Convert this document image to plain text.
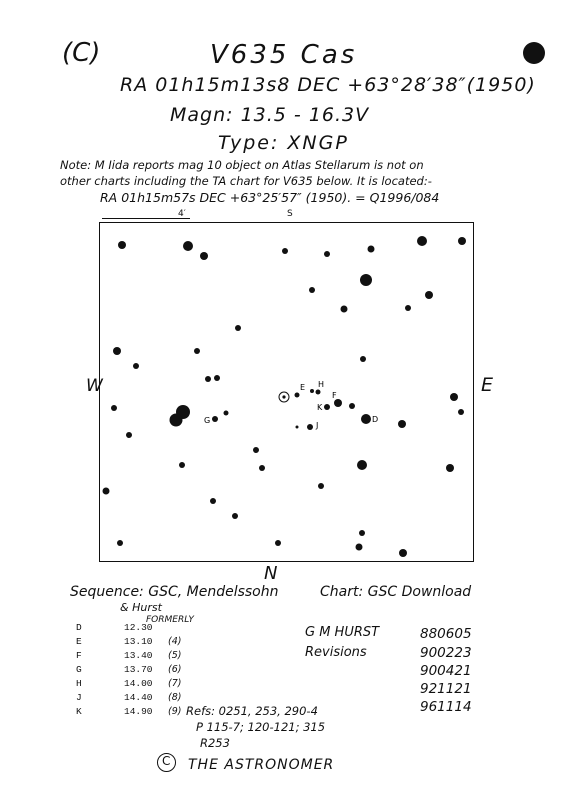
(C)	V635 Cas
RA 01h15m13s8 DEC +63°28′38″(1950)
Magn: 13.5 - 16.3V
Type: XNGP
Note: M Iida reports mag 10 object on Atlas Stellarum is not on
other charts including the TA chart for V635 below. It is located:-
RA 01h15m57s DEC +63°25′57″ (1950). = Q1996/084
4′	S
E H
F
K
G
J
D
W	E
N
Sequence: GSC, Mendelssohn
& Hurst
FORMERLY
Chart: GSC Download
D	12.30
E	13.10 (4)
F	13.40 (5)
G	13.70 (6)
H	14.00 (7)
J	14.40 (8)
K	14.90 (9)
G M HURST
Revisions
880605
900223
900421
921121
961114
Refs: 0251, 253, 290-4
P 115-7; 120-121; 315
R253
C THE ASTRONOMER
